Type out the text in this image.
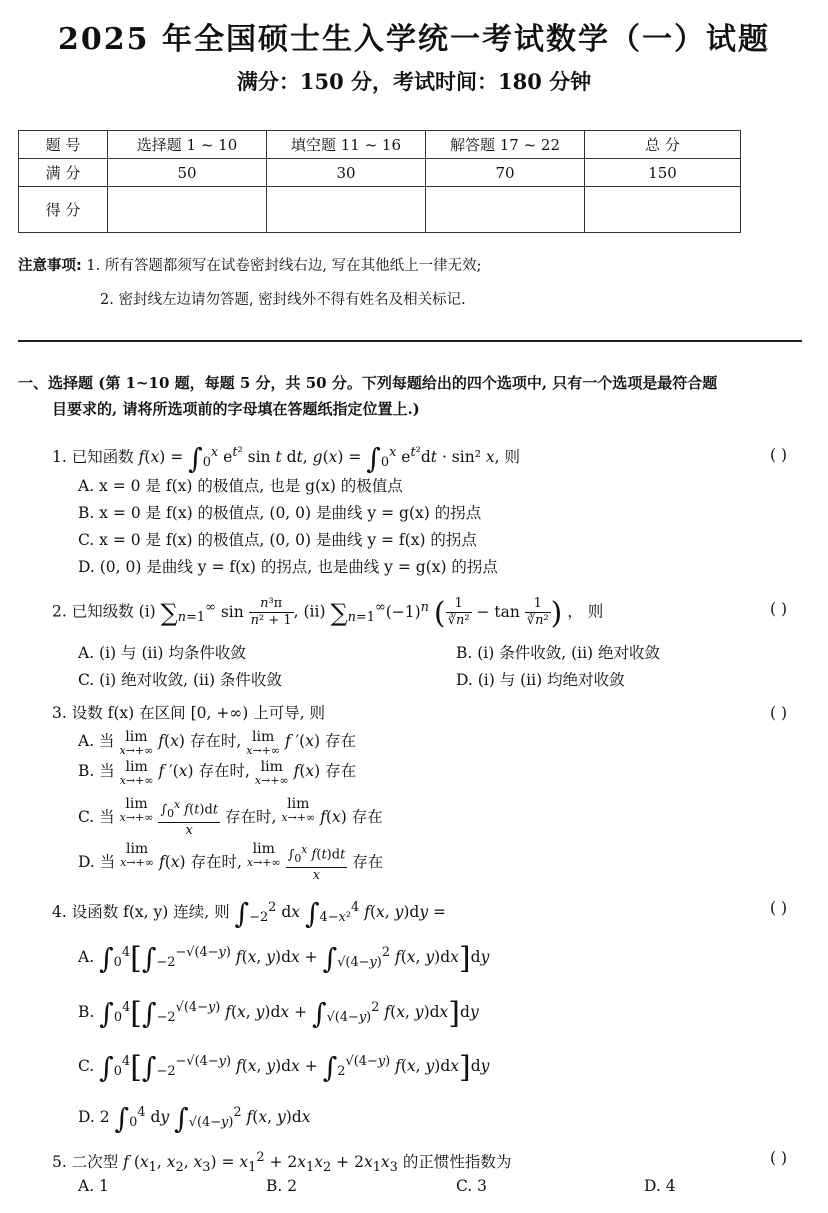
2025 年全国硕士生入学统一考试数学（一）试题
满分：150 分，考试时间：180 分钟
题 号	选择题 1 ~ 10	填空题 11 ~ 16	解答题 17 ~ 22	总 分
满 分	50	30	70	150
得 分				
注意事项: 1. 所有答题都须写在试卷密封线右边, 写在其他纸上一律无效;
2. 密封线左边请勿答题, 密封线外不得有姓名及相关标记.
一、选择题 (第 1~10 题，每题 5 分，共 50 分。下列每题给出的四个选项中, 只有一个选项是最符合题
目要求的, 请将所选项前的字母填在答题纸指定位置上.)
1. 已知函数 $f(x) = \int_0^x$ $e^{t^2}$ sin t dt, $g(x) = \int_0^x$ $e^{t^2}dt \cdot \sin^2$ x, 则	( )
A. x = 0 是 f(x) 的极值点, 也是 g(x) 的极值点
B. x = 0 是 f(x) 的极值点, (0, 0) 是曲线 y = g(x) 的拐点
C. x = 0 是 f(x) 的极值点, (0, 0) 是曲线 y = f(x) 的拐点
D. (0, 0) 是曲线 y = f(x) 的拐点, 也是曲线 y = g(x) 的拐点
2. 已知级数 (i) $\sum_{n=1}^\infty$ $\sin \frac{\text{n³π}}{\text{n² + 1}}$ , (ii) $\sum_{n=1}^\infty(-1)^n$ ( $\frac{1}{\text{∛n²}} - \tan \frac{1}{\text{∛n²}}$ ) ， 则	( )
A. (i) 与 (ii) 均条件收敛	B. (i) 条件收敛, (ii) 绝对收敛
C. (i) 绝对收敛, (ii) 条件收敛	D. (i) 与 (ii) 均绝对收敛
3. 设数 f(x) 在区间 [0, +∞) 上可导, 则	( )
A. 当 lim
x→+∞
f(x) 存在时, lim
x→+∞
f ′(x) 存在
B. 当 lim
x→+∞
f ′(x) 存在时, lim
x→+∞
f(x) 存在
C. 当 lim
x→+∞
$\frac{\int_0^x f(t)dt}{x}$ 存在时, lim
x→+∞ f(x) 存在
D. 当 lim
x→+∞ f(x) 存在时, lim
x→+∞
$\frac{\int_0^x f(t)dt}{x}$ 存在
4. 设函数 f(x, y) 连续, 则 $\int_{-2}^2$ dx $\int_{4-x^2}^4$ f(x, y)dy =	( )
A. $\int_0^4[\int_{-2}^{-√(4-y)}$ f(x, $y)dx + \int_{√(4-y)}^2$ f(x, y)dx]dy
B. $\int_0^4[\int_{-2}^{√(4-y)}$ f(x, $y)dx + \int_{√(4-y)}^2$ f(x, y)dx]dy
C. $\int_0^4[\int_{-2}^{-√(4-y)}$ f(x, $y)dx + \int_2^{√(4-y)}$ f(x, y)dx]dy
D. 2 $\int_0^4$ dy $\int_{√(4-y)}^2$ f(x, y)dx
5. 二次型 f ($x_1$, $x_2$, $x_3) = x_1^2 + 2x_1x_2 + 2x_1x_3$ 的正惯性指数为	( )
A. 1	B. 2	C. 3	D. 4
